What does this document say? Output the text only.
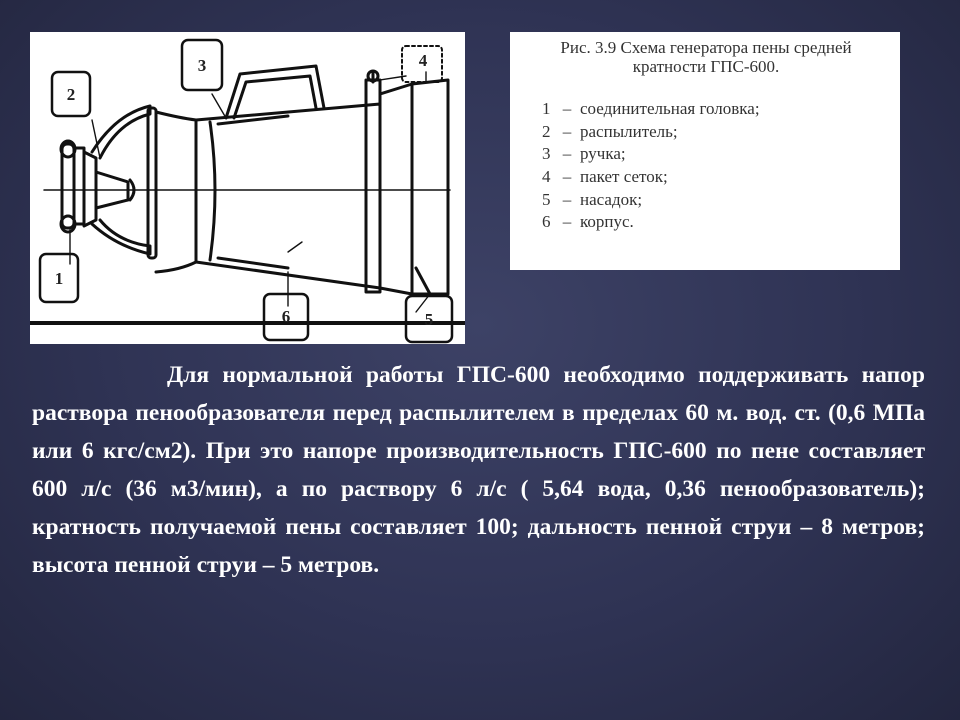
2
1
3	4
6	5

Рис. 3.9 Схема генератора пены средней кратности ГПС-600.

1 – соединительная головка;
2 – распылитель;
3 – ручка;
4 – пакет сеток;
5 – насадок;
6 – корпус.

Для нормальной работы ГПС-600 необходимо поддерживать напор раствора пенообразователя перед распылителем в пределах 60 м. вод. ст. (0,6 МПа или 6 кгс/см2). При это напоре производительность ГПС-600 по пене составляет 600 л/с (36 м3/мин), а по раствору 6 л/с ( 5,64 вода, 0,36 пенообразователь); кратность получаемой пены составляет 100; дальность пенной струи – 8 метров; высота пенной струи – 5 метров.
